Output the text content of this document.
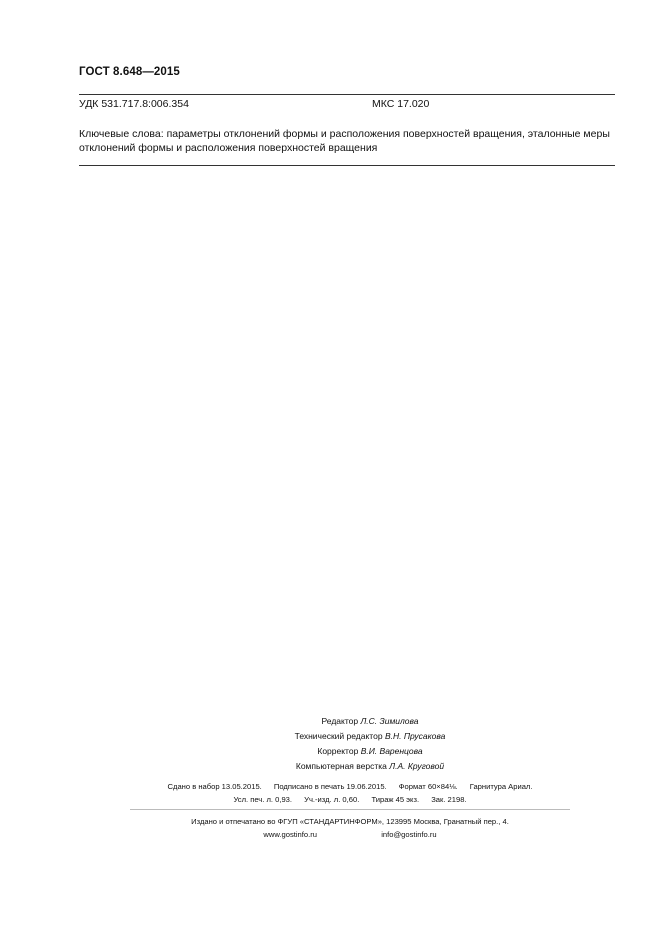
ГОСТ 8.648—2015
УДК 531.717.8:006.354	МКС 17.020
Ключевые слова: параметры отклонений формы и расположения поверхностей вращения, эталонные меры отклонений формы и расположения поверхностей вращения
Редактор Л.С. Зимилова
Технический редактор В.Н. Прусакова
Корректор В.И. Варенцова
Компьютерная верстка Л.А. Круговой
Сдано в набор 13.05.2015. Подписано в печать 19.06.2015. Формат 60×84⅛. Гарнитура Ариал.
Усл. печ. л. 0,93. Уч.-изд. л. 0,60. Тираж 45 экз. Зак. 2198.
Издано и отпечатано во ФГУП «СТАНДАРТИНФОРМ», 123995 Москва, Гранатный пер., 4.
www.gostinfo.ru	info@gostinfo.ru
